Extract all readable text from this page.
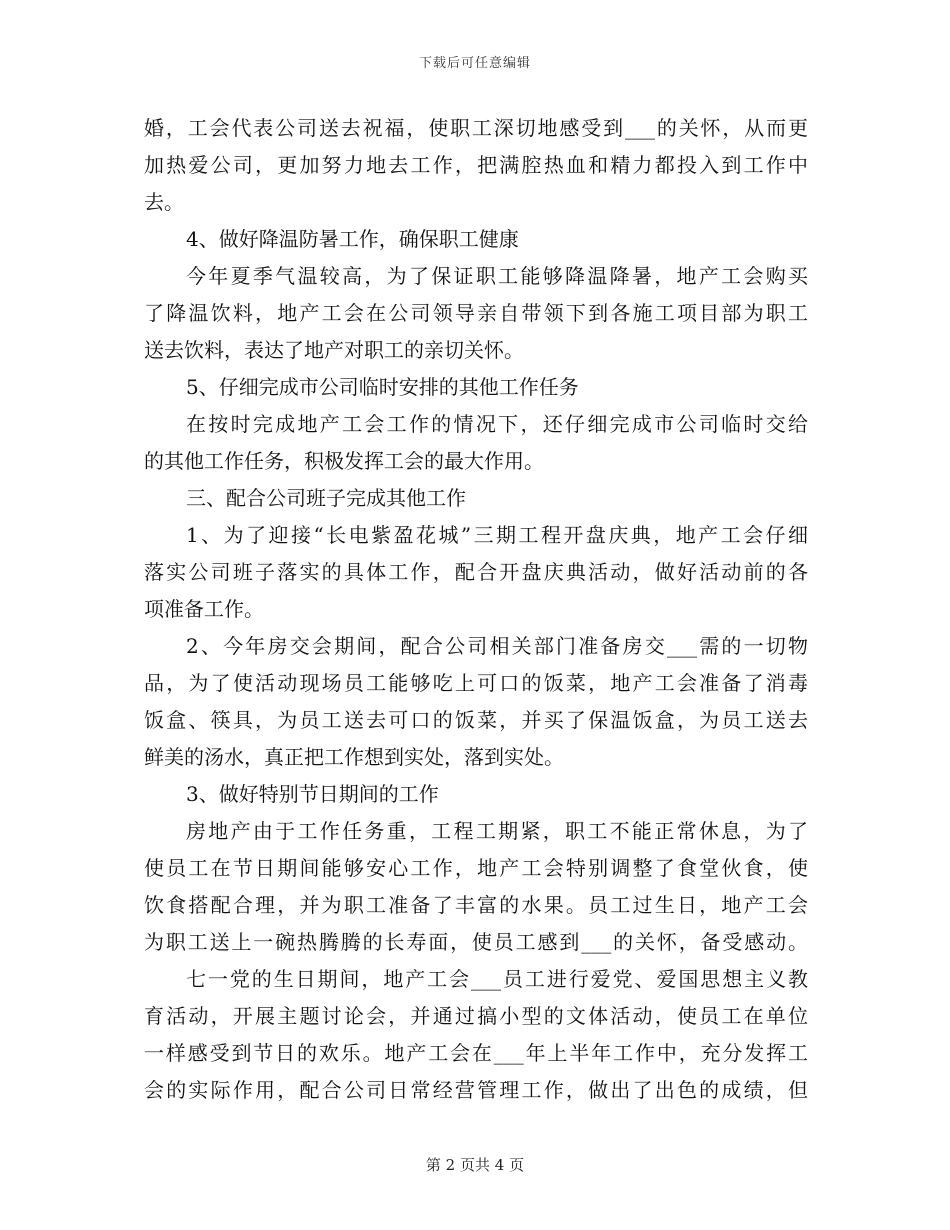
下载后可任意编辑
婚，工会代表公司送去祝福，使职工深切地感受到___的关怀，从而更
加热爱公司，更加努力地去工作，把满腔热血和精力都投入到工作中
去。
4、做好降温防暑工作，确保职工健康
今年夏季气温较高，为了保证职工能够降温降暑，地产工会购买
了降温饮料，地产工会在公司领导亲自带领下到各施工项目部为职工
送去饮料，表达了地产对职工的亲切关怀。
5、仔细完成市公司临时安排的其他工作任务
在按时完成地产工会工作的情况下，还仔细完成市公司临时交给
的其他工作任务，积极发挥工会的最大作用。
三、配合公司班子完成其他工作
1、为了迎接“长电紫盈花城”三期工程开盘庆典，地产工会仔细
落实公司班子落实的具体工作，配合开盘庆典活动，做好活动前的各
项准备工作。
2、今年房交会期间，配合公司相关部门准备房交___需的一切物
品，为了使活动现场员工能够吃上可口的饭菜，地产工会准备了消毒
饭盒、筷具，为员工送去可口的饭菜，并买了保温饭盒，为员工送去
鲜美的汤水，真正把工作想到实处，落到实处。
3、做好特别节日期间的工作
房地产由于工作任务重，工程工期紧，职工不能正常休息，为了
使员工在节日期间能够安心工作，地产工会特别调整了食堂伙食，使
饮食搭配合理，并为职工准备了丰富的水果。员工过生日，地产工会
为职工送上一碗热腾腾的长寿面，使员工感到___的关怀，备受感动。
七一党的生日期间，地产工会___员工进行爱党、爱国思想主义教
育活动，开展主题讨论会，并通过搞小型的文体活动，使员工在单位
一样感受到节日的欢乐。地产工会在___年上半年工作中，充分发挥工
会的实际作用，配合公司日常经营管理工作，做出了出色的成绩，但
第 2 页共 4 页
